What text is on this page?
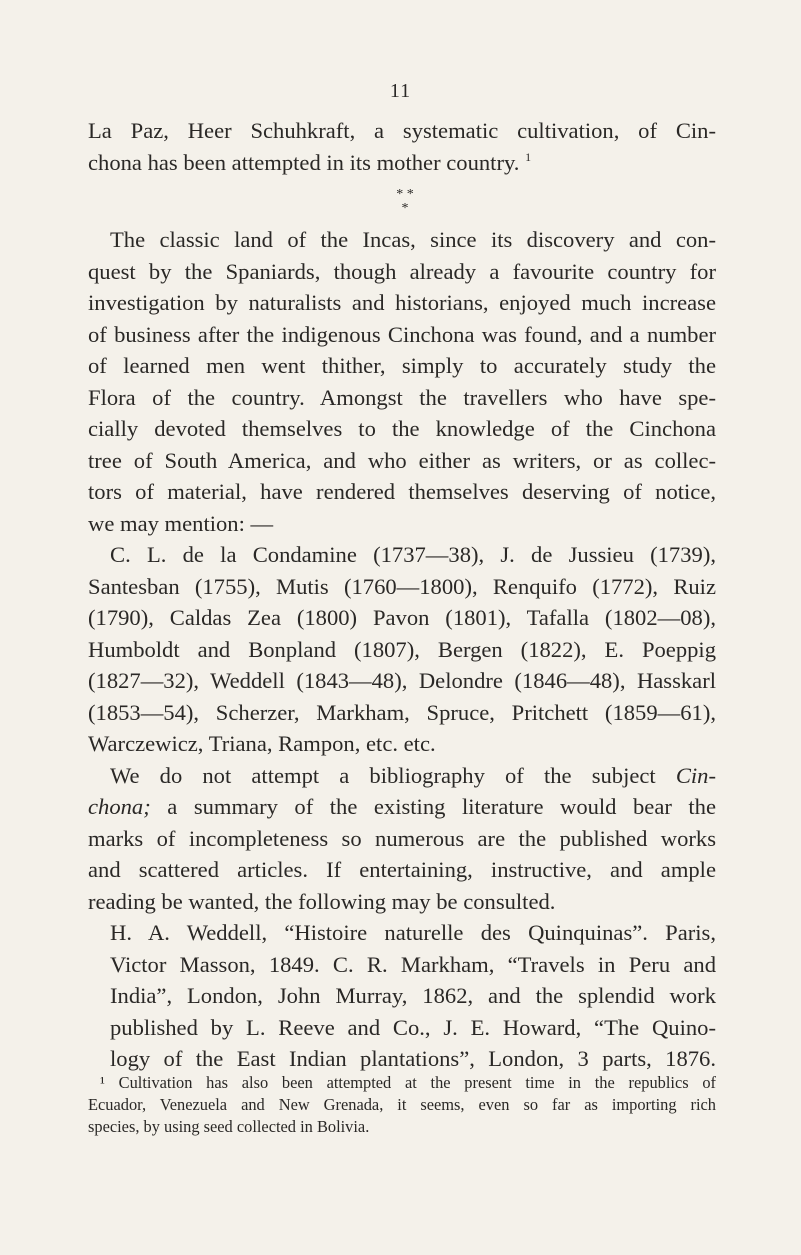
11
La Paz, Heer Schuhkraft, a systematic cultivation, of Cin-
chona has been attempted in its mother country. $^1$
* *
*
The classic land of the Incas, since its discovery and con-
quest by the Spaniards, though already a favourite country for
investigation by naturalists and historians, enjoyed much increase
of business after the indigenous Cinchona was found, and a number
of learned men went thither, simply to accurately study the
Flora of the country. Amongst the travellers who have spe-
cially devoted themselves to the knowledge of the Cinchona
tree of South America, and who either as writers, or as collec-
tors of material, have rendered themselves deserving of notice,
we may mention: —
C. L. de la Condamine (1737—38), J. de Jussieu (1739),
Santesban (1755), Mutis (1760—1800), Renquifo (1772), Ruiz
(1790), Caldas Zea (1800) Pavon (1801), Tafalla (1802—08),
Humboldt and Bonpland (1807), Bergen (1822), E. Poeppig
(1827—32), Weddell (1843—48), Delondre (1846—48), Hasskarl
(1853—54), Scherzer, Markham, Spruce, Pritchett (1859—61),
Warczewicz, Triana, Rampon, etc. etc.
We do not attempt a bibliography of the subject Cin-
chona; a summary of the existing literature would bear the
marks of incompleteness so numerous are the published works
and scattered articles. If entertaining, instructive, and ample
reading be wanted, the following may be consulted.
H. A. Weddell, “Histoire naturelle des Quinquinas”. Paris,
Victor Masson, 1849. C. R. Markham, “Travels in Peru and
India”, London, John Murray, 1862, and the splendid work
published by L. Reeve and Co., J. E. Howard, “The Quino-
logy of the East Indian plantations”, London, 3 parts, 1876.
¹ Cultivation has also been attempted at the present time in the republics of
Ecuador, Venezuela and New Grenada, it seems, even so far as importing rich
species, by using seed collected in Bolivia.
